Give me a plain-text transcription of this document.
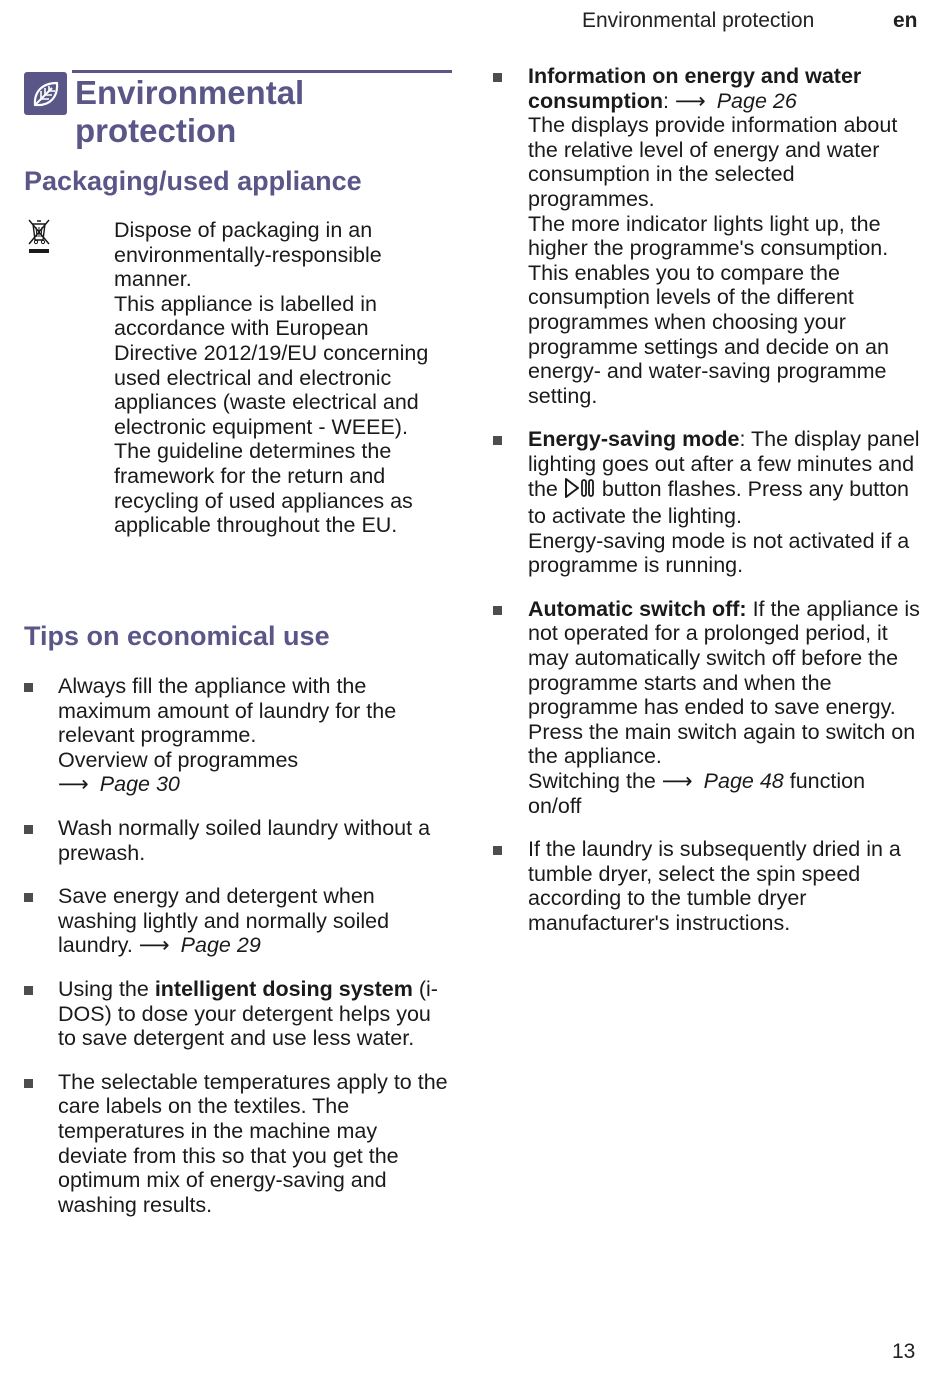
Environmental protection	en
Environmental protection
Packaging/used appliance

Dispose of packaging in an environmentally-responsible manner.

This appliance is labelled in accordance with European Directive 2012/19/EU concerning used electrical and electronic appliances (waste electrical and electronic equipment - WEEE).

The guideline determines the framework for the return and recycling of used appliances as applicable throughout the EU.

Tips on economical use

Always fill the appliance with the maximum amount of laundry for the relevant programme.

Overview of programmes

⟶ Page 30

Wash normally soiled laundry without a prewash.

Save energy and detergent when washing lightly and normally soiled laundry. ⟶ Page 29

Using the intelligent dosing system (i-DOS) to dose your detergent helps you to save detergent and use less water.

The selectable temperatures apply to the care labels on the textiles. The temperatures in the machine may deviate from this so that you get the optimum mix of energy-saving and washing results.

Information on energy and water consumption: ⟶ Page 26

The displays provide information about the relative level of energy and water consumption in the selected programmes.

The more indicator lights light up, the higher the programme's consumption.

This enables you to compare the consumption levels of the different programmes when choosing your programme settings and decide on an energy- and water-saving programme setting.

Energy-saving mode: The display panel lighting goes out after a few minutes and the  button flashes. Press any button to activate the lighting.

Energy-saving mode is not activated if a programme is running.

Automatic switch off: If the appliance is not operated for a prolonged period, it may automatically switch off before the programme starts and when the programme has ended to save energy. Press the main switch again to switch on the appliance.

Switching the ⟶ Page 48 function on/off

If the laundry is subsequently dried in a tumble dryer, select the spin speed according to the tumble dryer manufacturer's instructions.

13
